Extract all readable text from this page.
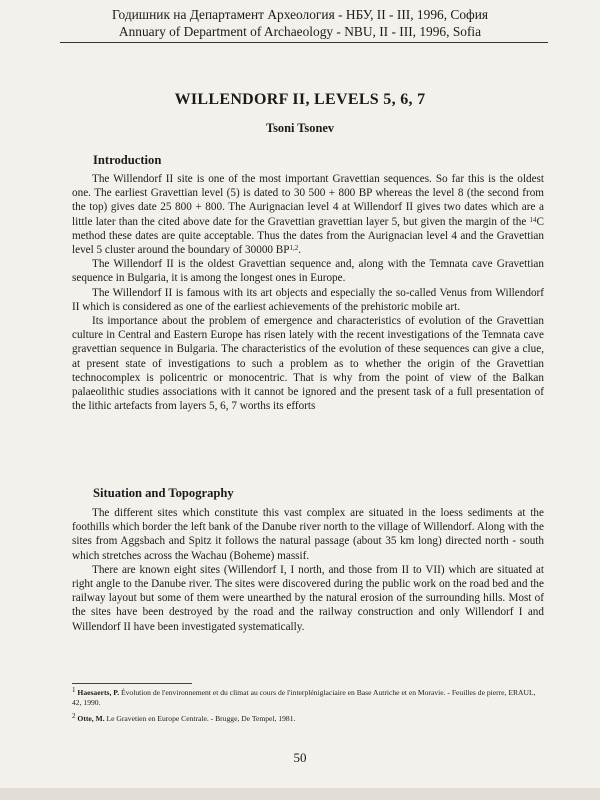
Годишник на Департамент Археология - НБУ, II - III, 1996, София
Annuary of Department of Archaeology - NBU, II - III, 1996, Sofia
WILLENDORF II, LEVELS 5, 6, 7
Tsoni Tsonev
Introduction

The Willendorf II site is one of the most important Gravettian sequences. So far this is the oldest one. The earliest Gravettian level (5) is dated to 30 500 + 800 BP whereas the level 8 (the second from the top) gives date 25 800 + 800. The Aurignacian level 4 at Willendorf II gives two dates which are a little later than the cited above date for the Gravettian gravettian layer 5, but given the margin of the $^{14}$C method these dates are quite acceptable. Thus the dates from the Aurignacian level 4 and the Gravettian level 5 cluster around the boundary of 30000 BP$^{1,2}$.

The Willendorf II is the oldest Gravettian sequence and, along with the Temnata cave Gravettian sequence in Bulgaria, it is among the longest ones in Europe.

The Willendorf II is famous with its art objects and especially the so-called Venus from Willendorf II which is considered as one of the earliest achievements of the prehistoric mobile art.

Its importance about the problem of emergence and characteristics of evolution of the Gravettian culture in Central and Eastern Europe has risen lately with the recent investigations of the Temnata cave gravettian sequence in Bulgaria. The characteristics of the evolution of these sequences can give a clue, at present state of investigations to such a problem as to whether the origin of the Gravettian technocomplex is policentric or monocentric. That is why from the point of view of the Balkan palaeolithic studies associations with it cannot be ignored and the present task of a full presentation of the lithic artefacts from layers 5, 6, 7 worths its efforts

Situation and Topography

The different sites which constitute this vast complex are situated in the loess sediments at the foothills which border the left bank of the Danube river north to the village of Willendorf. Along with the sites from Aggsbach and Spitz it follows the natural passage (about 35 km long) directed north - south which stretches across the Wachau (Boheme) massif.

There are known eight sites (Willendorf I, I north, and those from II to VII) which are situated at right angle to the Danube river. The sites were discovered during the public work on the road bed and the railway layout but some of them were unearthed by the natural erosion of the surrounding hills. Most of the sites have been destroyed by the road and the railway construction and only Willendorf I and Willendorf II have been investigated systematically.

$^1$ Haesaerts, P. Évolution de l'environnement et du climat au cours de l'interpléniglaciaire en Base Autriche et en Moravie. - Feuilles de pierre, ERAUL, 42, 1990.

$^2$ Otte, M. Le Gravetien en Europe Centrale. - Brugge, De Tempel, 1981.

50
